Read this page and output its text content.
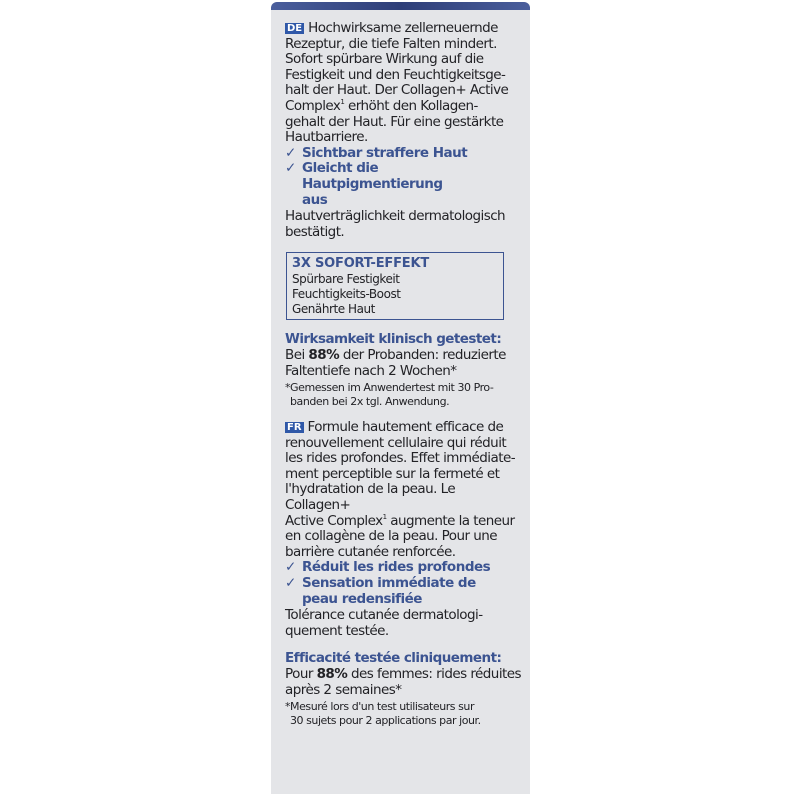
DE Hochwirksame zellerneuernde
Rezeptur, die tiefe Falten mindert.
Sofort spürbare Wirkung auf die
Festigkeit und den Feuchtigkeitsge-
halt der Haut. Der Collagen+ Active
Complex$^1$ erhöht den Kollagen-
gehalt der Haut. Für eine gestärkte
Hautbarriere.

✓ Sichtbar straffere Haut
✓ Gleicht die Hautpigmentierung
aus

Hautverträglichkeit dermatologisch
bestätigt.

3X SOFORT-EFFEKT
Spürbare Festigkeit
Feuchtigkeits-Boost
Genährte Haut
Wirksamkeit klinisch getestet:
Bei 88% der Probanden: reduzierte
Faltentiefe nach 2 Wochen*
*Gemessen im Anwendertest mit 30 Pro-
banden bei 2x tgl. Anwendung.

FR Formule hautement efficace de
renouvellement cellulaire qui réduit
les rides profondes. Effet immédiate-
ment perceptible sur la fermeté et
l'hydratation de la peau. Le Collagen+
Active Complex$^1$ augmente la teneur
en collagène de la peau. Pour une
barrière cutanée renforcée.

✓ Réduit les rides profondes
✓ Sensation immédiate de
peau redensifiée

Tolérance cutanée dermatologi-
quement testée.

Efficacité testée cliniquement:
Pour 88% des femmes: rides réduites
après 2 semaines*
*Mesuré lors d'un test utilisateurs sur
30 sujets pour 2 applications par jour.
